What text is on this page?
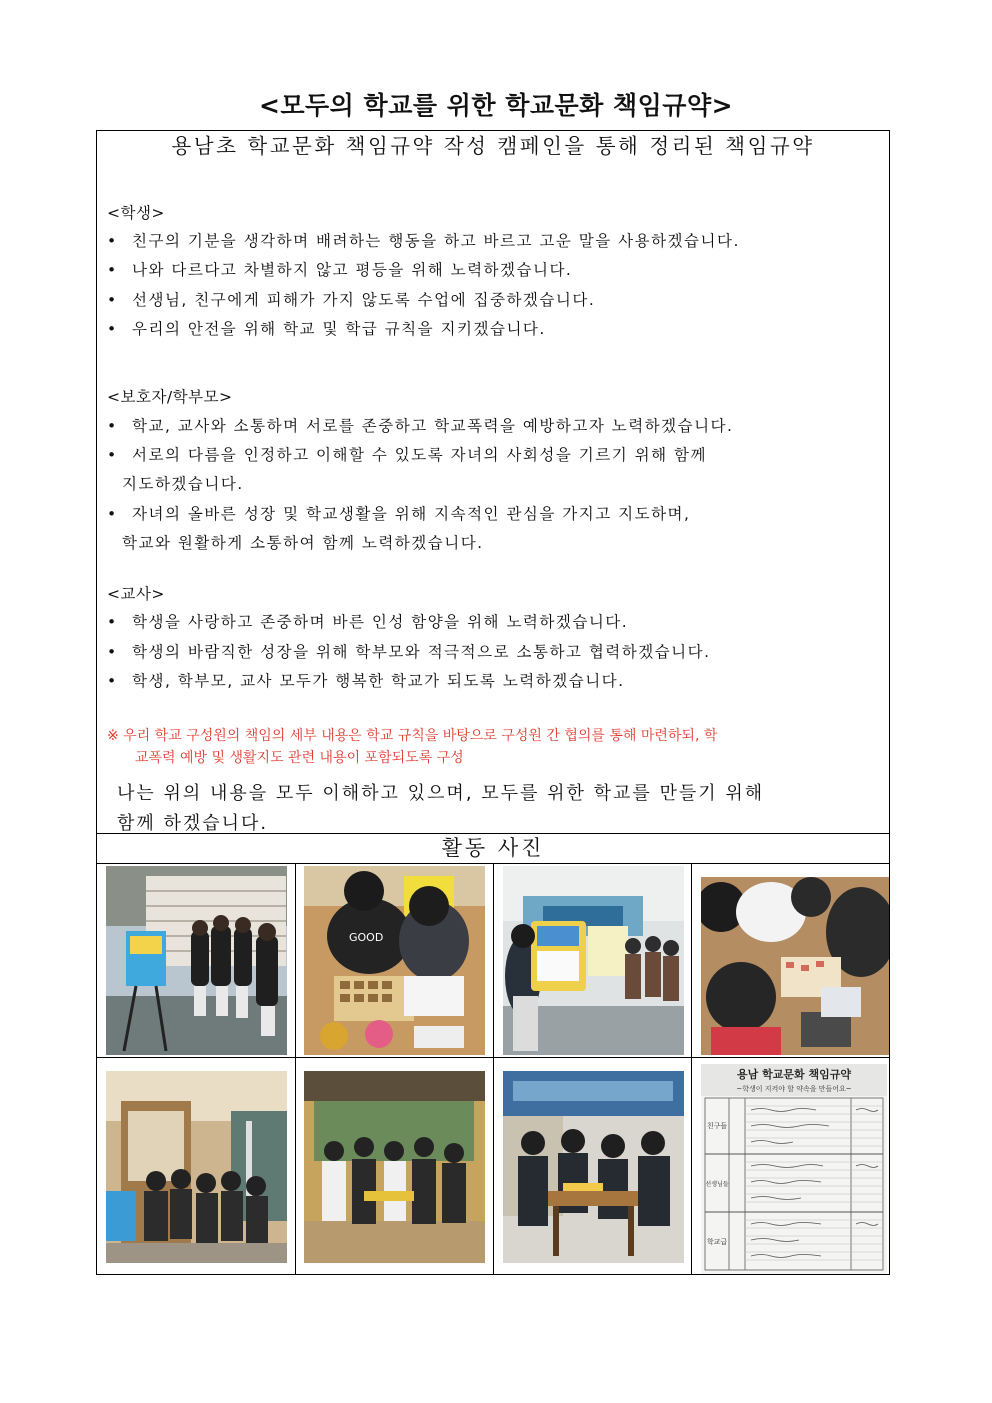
<모두의 학교를 위한 학교문화 책임규약>
용남초 학교문화 책임규약 작성 캠페인을 통해 정리된 책임규약
<학생>
• 친구의 기분을 생각하며 배려하는 행동을 하고 바르고 고운 말을 사용하겠습니다.
• 나와 다르다고 차별하지 않고 평등을 위해 노력하겠습니다.
• 선생님, 친구에게 피해가 가지 않도록 수업에 집중하겠습니다.
• 우리의 안전을 위해 학교 및 학급 규칙을 지키겠습니다.
<보호자/학부모>
• 학교, 교사와 소통하며 서로를 존중하고 학교폭력을 예방하고자 노력하겠습니다.
• 서로의 다름을 인정하고 이해할 수 있도록 자녀의 사회성을 기르기 위해 함께
지도하겠습니다.
• 자녀의 올바른 성장 및 학교생활을 위해 지속적인 관심을 가지고 지도하며,
학교와 원활하게 소통하여 함께 노력하겠습니다.
<교사>
• 학생을 사랑하고 존중하며 바른 인성 함양을 위해 노력하겠습니다.
• 학생의 바람직한 성장을 위해 학부모와 적극적으로 소통하고 협력하겠습니다.
• 학생, 학부모, 교사 모두가 행복한 학교가 되도록 노력하겠습니다.
※ 우리 학교 구성원의 책임의 세부 내용은 학교 규칙을 바탕으로 구성원 간 협의를 통해 마련하되, 학
교폭력 예방 및 생활지도 관련 내용이 포함되도록 구성
나는 위의 내용을 모두 이해하고 있으며, 모두를 위한 학교를 만들기 위해
함께 하겠습니다.
활동 사진
GOOD
용남 학교문화 책임규약
~학생이 지켜야 할 약속을 만들어요~
친구들
선생님들
학교급
